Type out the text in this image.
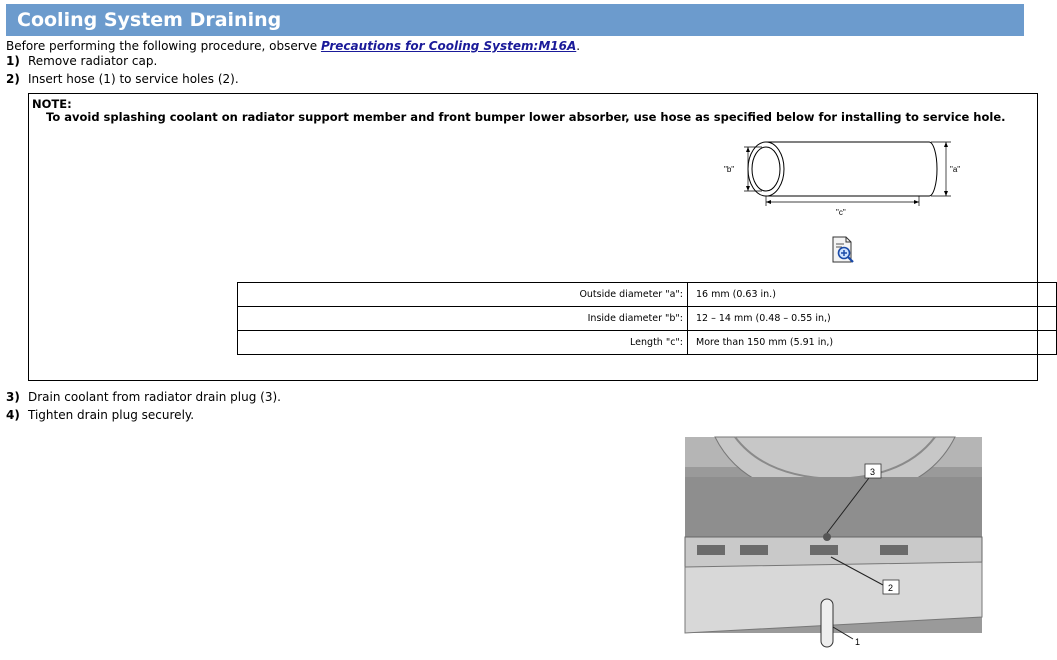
Cooling System Draining
Before performing the following procedure, observe Precautions for Cooling System:M16A.
1) Remove radiator cap.
2) Insert hose (1) to service holes (2).
NOTE:
To avoid splashing coolant on radiator support member and front bumper lower absorber, use hose as specified below for installing to service hole.
"a"
"b"
"c"
Outside diameter "a":	16 mm (0.63 in.)
Inside diameter "b":	12 – 14 mm (0.48 – 0.55 in,)
Length "c":	More than 150 mm (5.91 in,)
3) Drain coolant from radiator drain plug (3).
4) Tighten drain plug securely.
3
2
1
